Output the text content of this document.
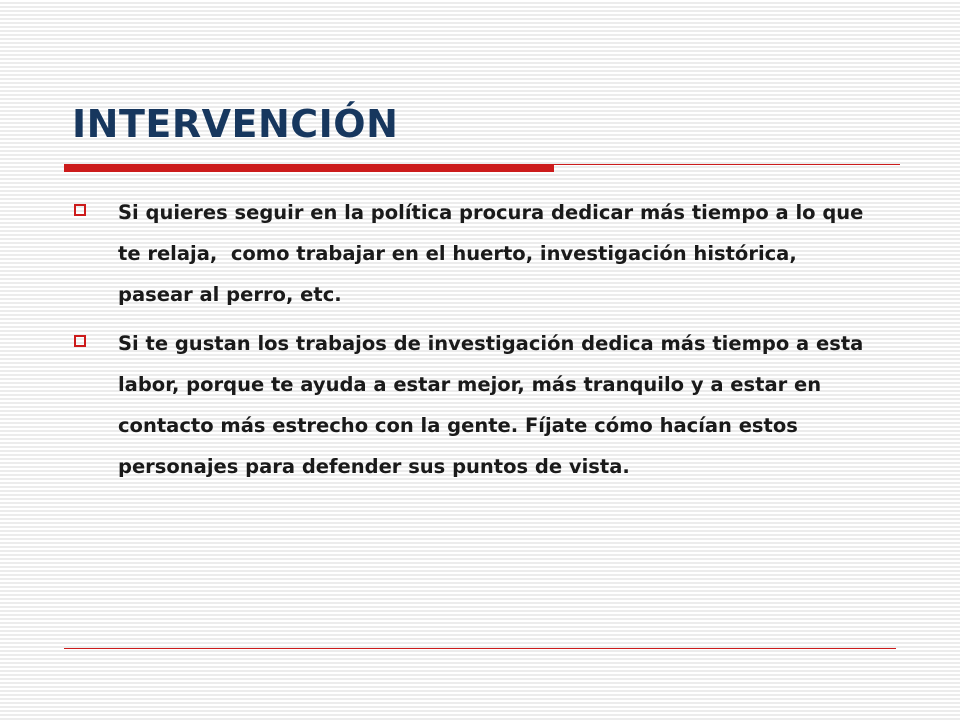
INTERVENCIÓN
Si quieres seguir en la política procura dedicar más tiempo a lo que te relaja,  como trabajar en el huerto, investigación histórica, pasear al perro, etc.
Si te gustan los trabajos de investigación dedica más tiempo a esta labor, porque te ayuda a estar mejor, más tranquilo y a estar en contacto más estrecho con la gente. Fíjate cómo hacían estos personajes para defender sus puntos de vista.
